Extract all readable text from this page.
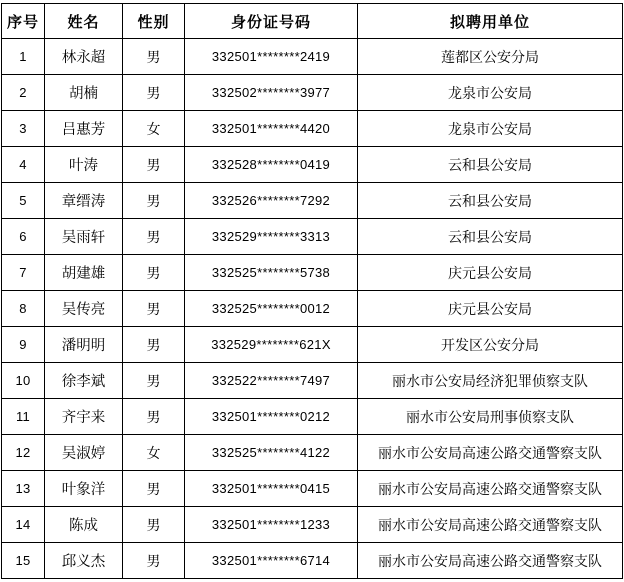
序号	姓名	性别	身份证号码	拟聘用单位
1	林永超	男	332501********2419	莲都区公安分局
2	胡楠	男	332502********3977	龙泉市公安局
3	吕惠芳	女	332501********4420	龙泉市公安局
4	叶涛	男	332528********0419	云和县公安局
5	章缙涛	男	332526********7292	云和县公安局
6	吴雨轩	男	332529********3313	云和县公安局
7	胡建雄	男	332525********5738	庆元县公安局
8	吴传亮	男	332525********0012	庆元县公安局
9	潘明明	男	332529********621X	开发区公安分局
10	徐李斌	男	332522********7497	丽水市公安局经济犯罪侦察支队
11	齐宇来	男	332501********0212	丽水市公安局刑事侦察支队
12	吴淑婷	女	332525********4122	丽水市公安局高速公路交通警察支队
13	叶象洋	男	332501********0415	丽水市公安局高速公路交通警察支队
14	陈成	男	332501********1233	丽水市公安局高速公路交通警察支队
15	邱义杰	男	332501********6714	丽水市公安局高速公路交通警察支队
